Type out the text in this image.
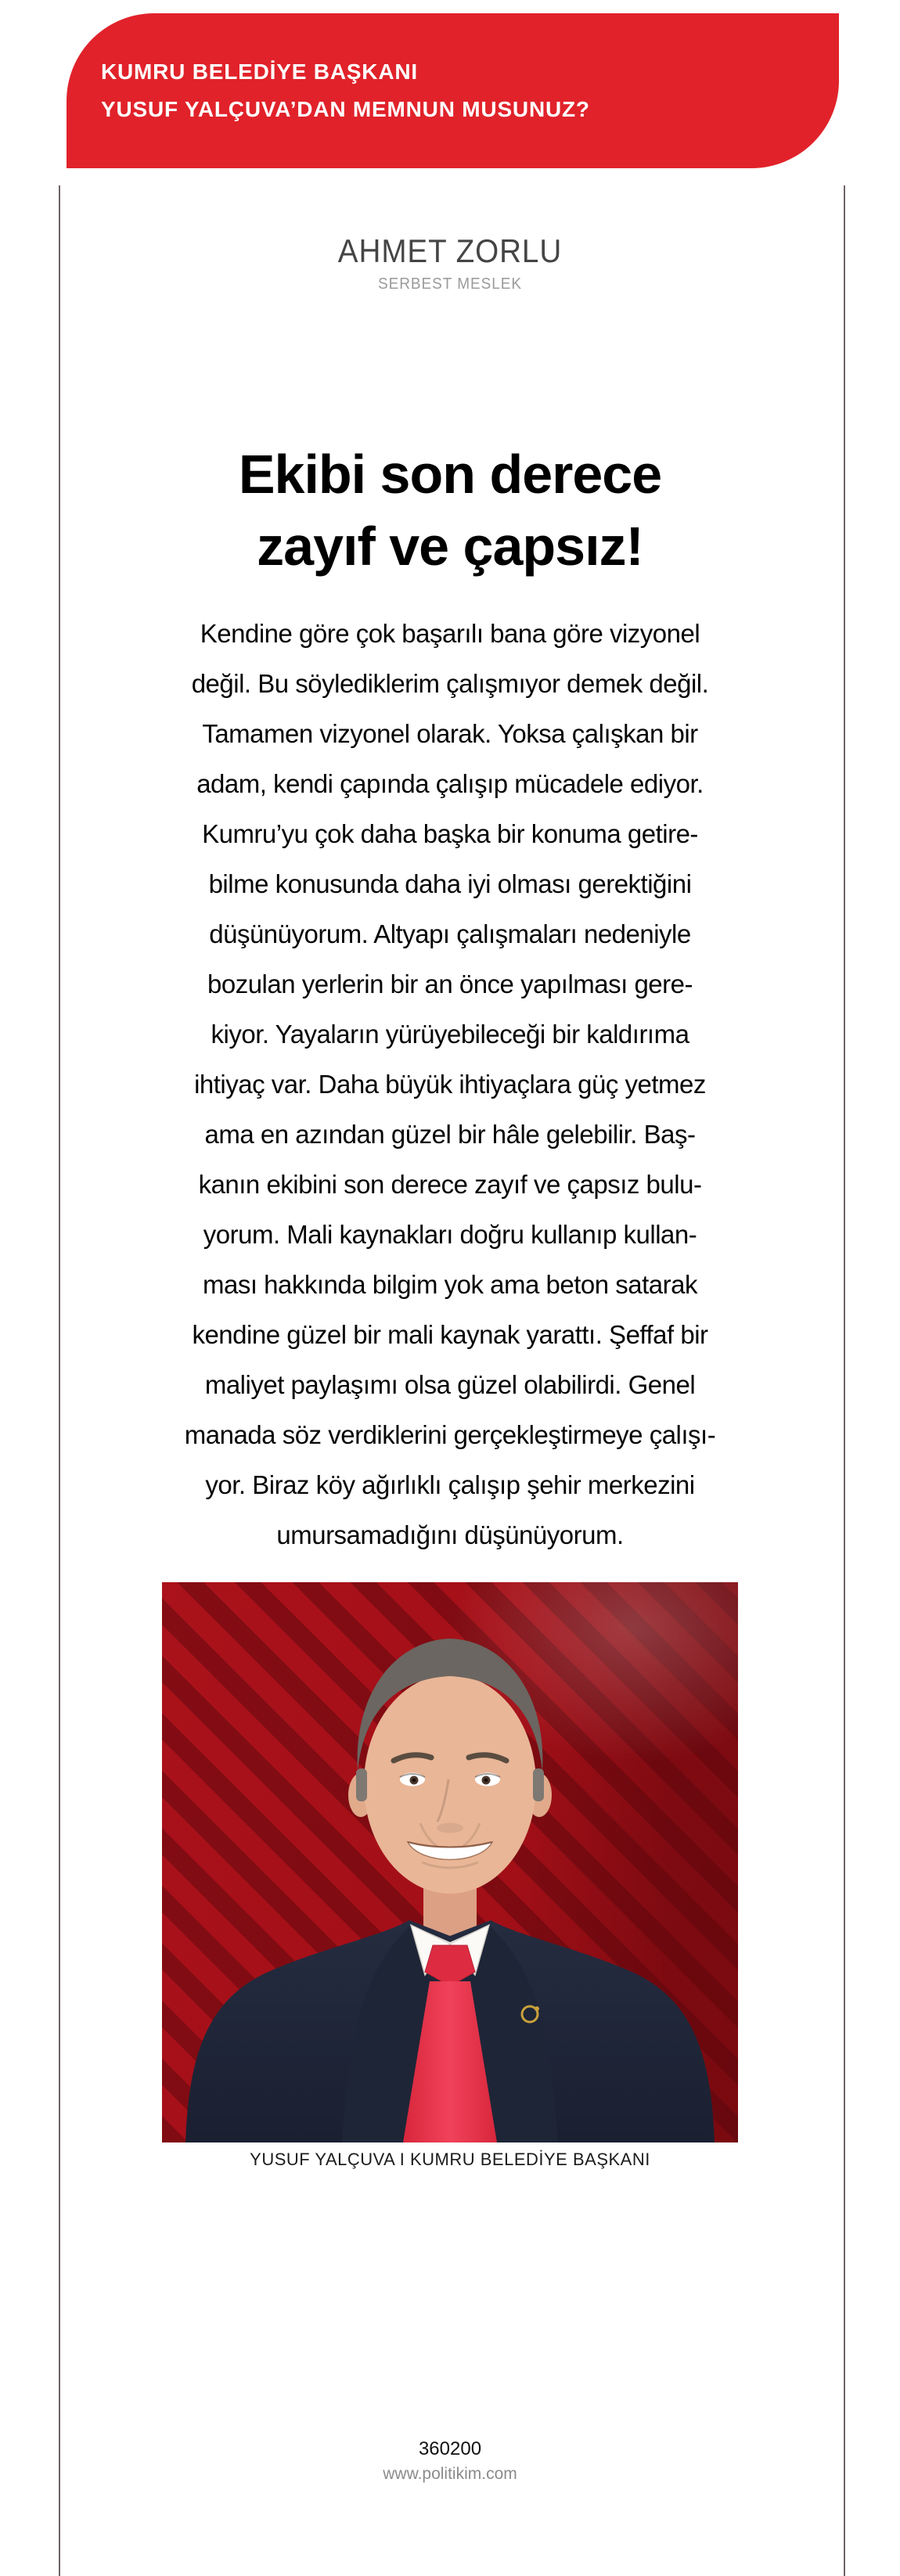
KUMRU BELEDİYE BAŞKANI
YUSUF YALÇUVA’DAN MEMNUN MUSUNUZ?
AHMET ZORLU
SERBEST MESLEK
Ekibi son derece
zayıf ve çapsız!
Kendine göre çok başarılı bana göre vizyonel
değil. Bu söylediklerim çalışmıyor demek değil.
Tamamen vizyonel olarak. Yoksa çalışkan bir
adam, kendi çapında çalışıp mücadele ediyor.
Kumru’yu çok daha başka bir konuma getire-
bilme konusunda daha iyi olması gerektiğini
düşünüyorum. Altyapı çalışmaları nedeniyle
bozulan yerlerin bir an önce yapılması gere-
kiyor. Yayaların yürüyebileceği bir kaldırıma
ihtiyaç var. Daha büyük ihtiyaçlara güç yetmez
ama en azından güzel bir hâle gelebilir. Baş-
kanın ekibini son derece zayıf ve çapsız bulu-
yorum. Mali kaynakları doğru kullanıp kullan-
ması hakkında bilgim yok ama beton satarak
kendine güzel bir mali kaynak yarattı. Şeffaf bir
maliyet paylaşımı olsa güzel olabilirdi. Genel
manada söz verdiklerini gerçekleştirmeye çalışı-
yor. Biraz köy ağırlıklı çalışıp şehir merkezini
umursamadığını düşünüyorum.
YUSUF YALÇUVA I KUMRU BELEDİYE BAŞKANI
360200
www.politikim.com
